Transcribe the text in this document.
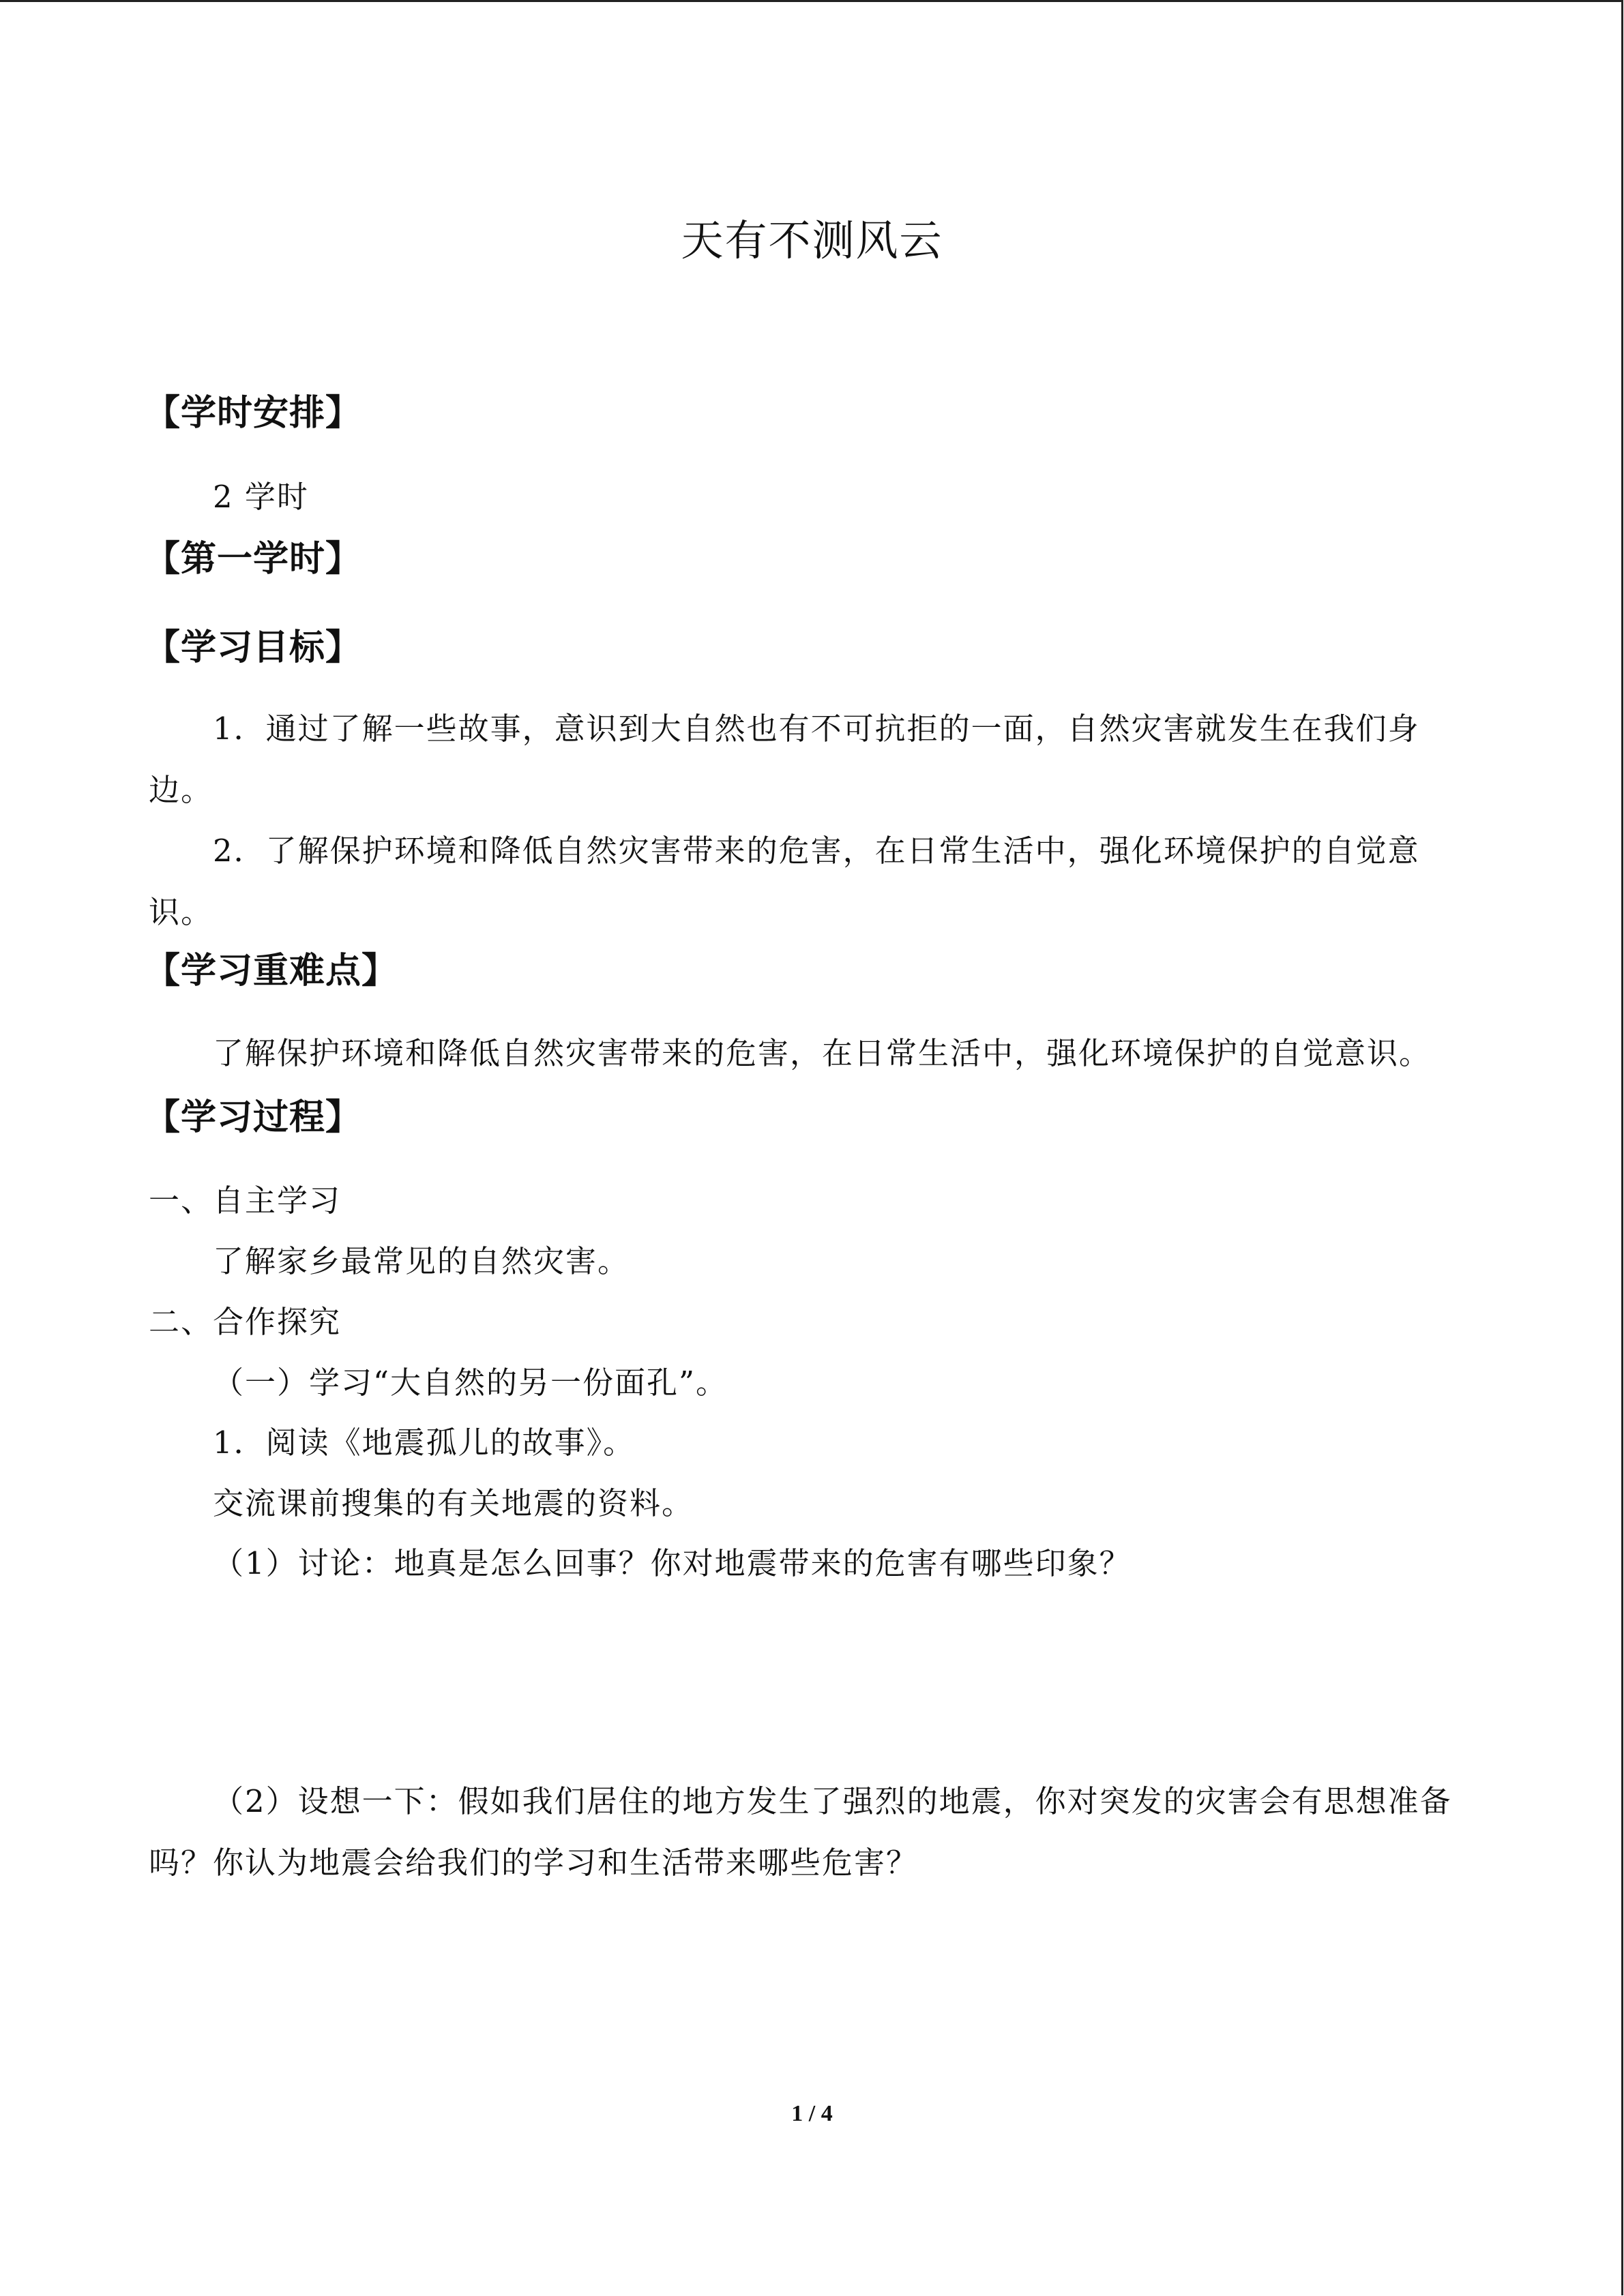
天有不测风云
【学时安排】
2 学时
【第一学时】
【学习目标】
1．通过了解一些故事，意识到大自然也有不可抗拒的一面，自然灾害就发生在我们身边。
2．了解保护环境和降低自然灾害带来的危害，在日常生活中，强化环境保护的自觉意识。
【学习重难点】
了解保护环境和降低自然灾害带来的危害，在日常生活中，强化环境保护的自觉意识。
【学习过程】
一、自主学习
了解家乡最常见的自然灾害。
二、合作探究
（一）学习“大自然的另一份面孔”。
1．阅读《地震孤儿的故事》。
交流课前搜集的有关地震的资料。
（1）讨论：地真是怎么回事？你对地震带来的危害有哪些印象？
（2）设想一下：假如我们居住的地方发生了强烈的地震，你对突发的灾害会有思想准备吗？你认为地震会给我们的学习和生活带来哪些危害？
1 / 4
